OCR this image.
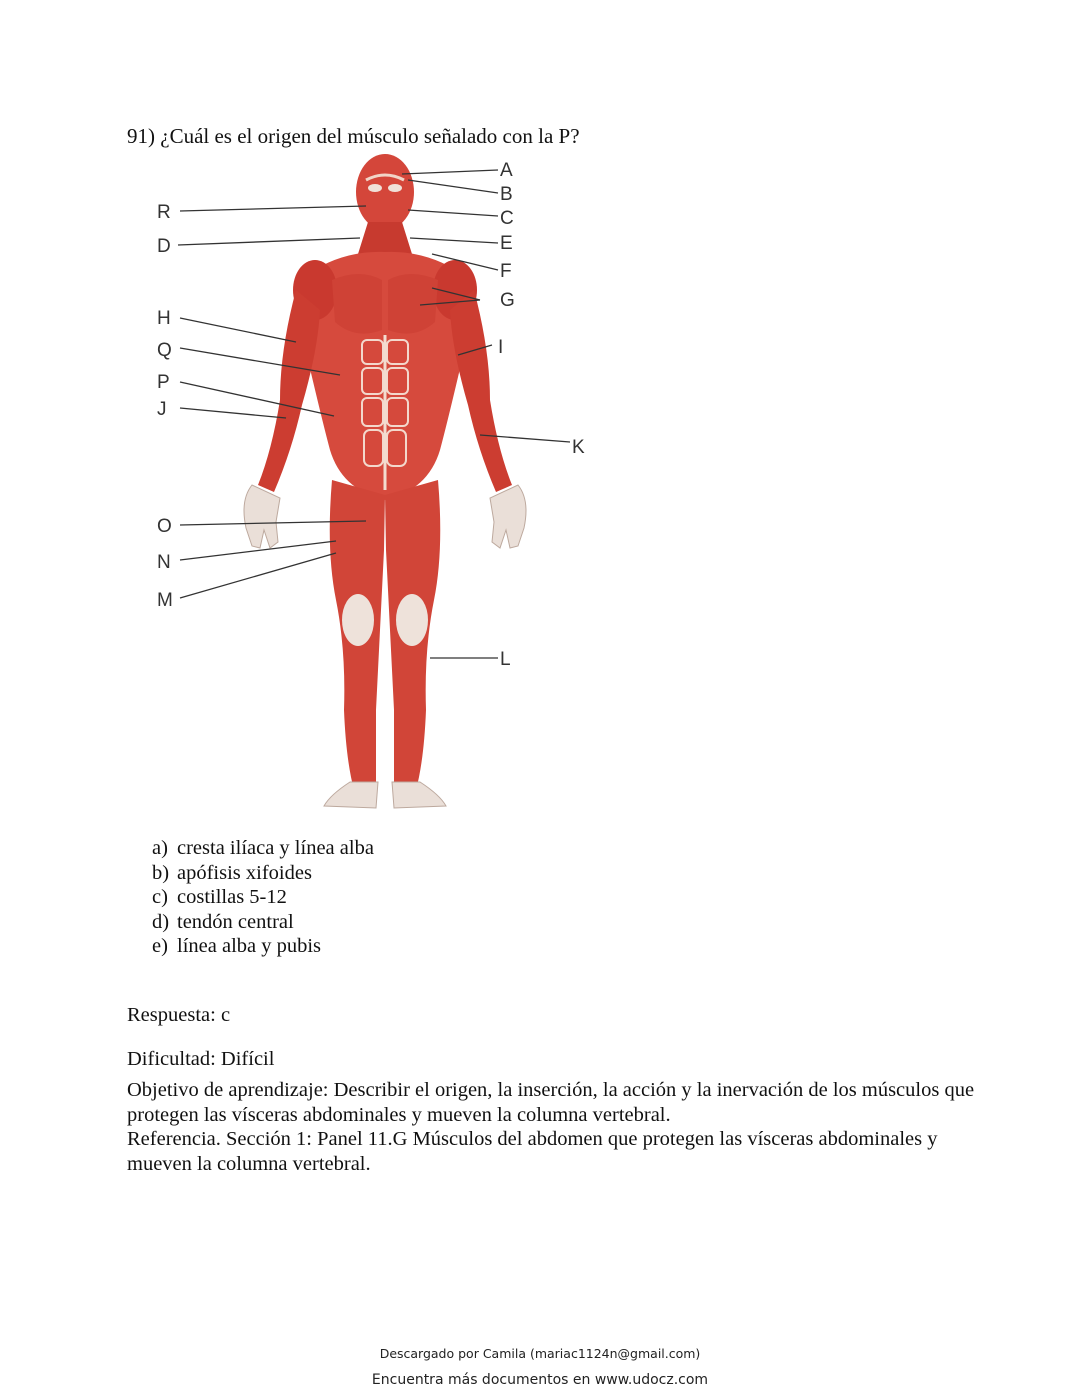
91) ¿Cuál es el origen del músculo señalado con la P?
R
D
H
Q
P
J
O
N
M
A
B
C
E
F
G
I
K
L
a) cresta ilíaca y línea alba
b) apófisis xifoides
c) costillas 5-12
d) tendón central
e) línea alba y pubis
Respuesta: c
Dificultad: Difícil
Objetivo de aprendizaje: Describir el origen, la inserción, la acción y la inervación de los músculos que protegen las vísceras abdominales y mueven la columna vertebral.
Referencia. Sección 1: Panel 11.G Músculos del abdomen que protegen las vísceras abdominales y mueven la columna vertebral.
Descargado por Camila (mariac1124n@gmail.com)
Encuentra más documentos en www.udocz.com
